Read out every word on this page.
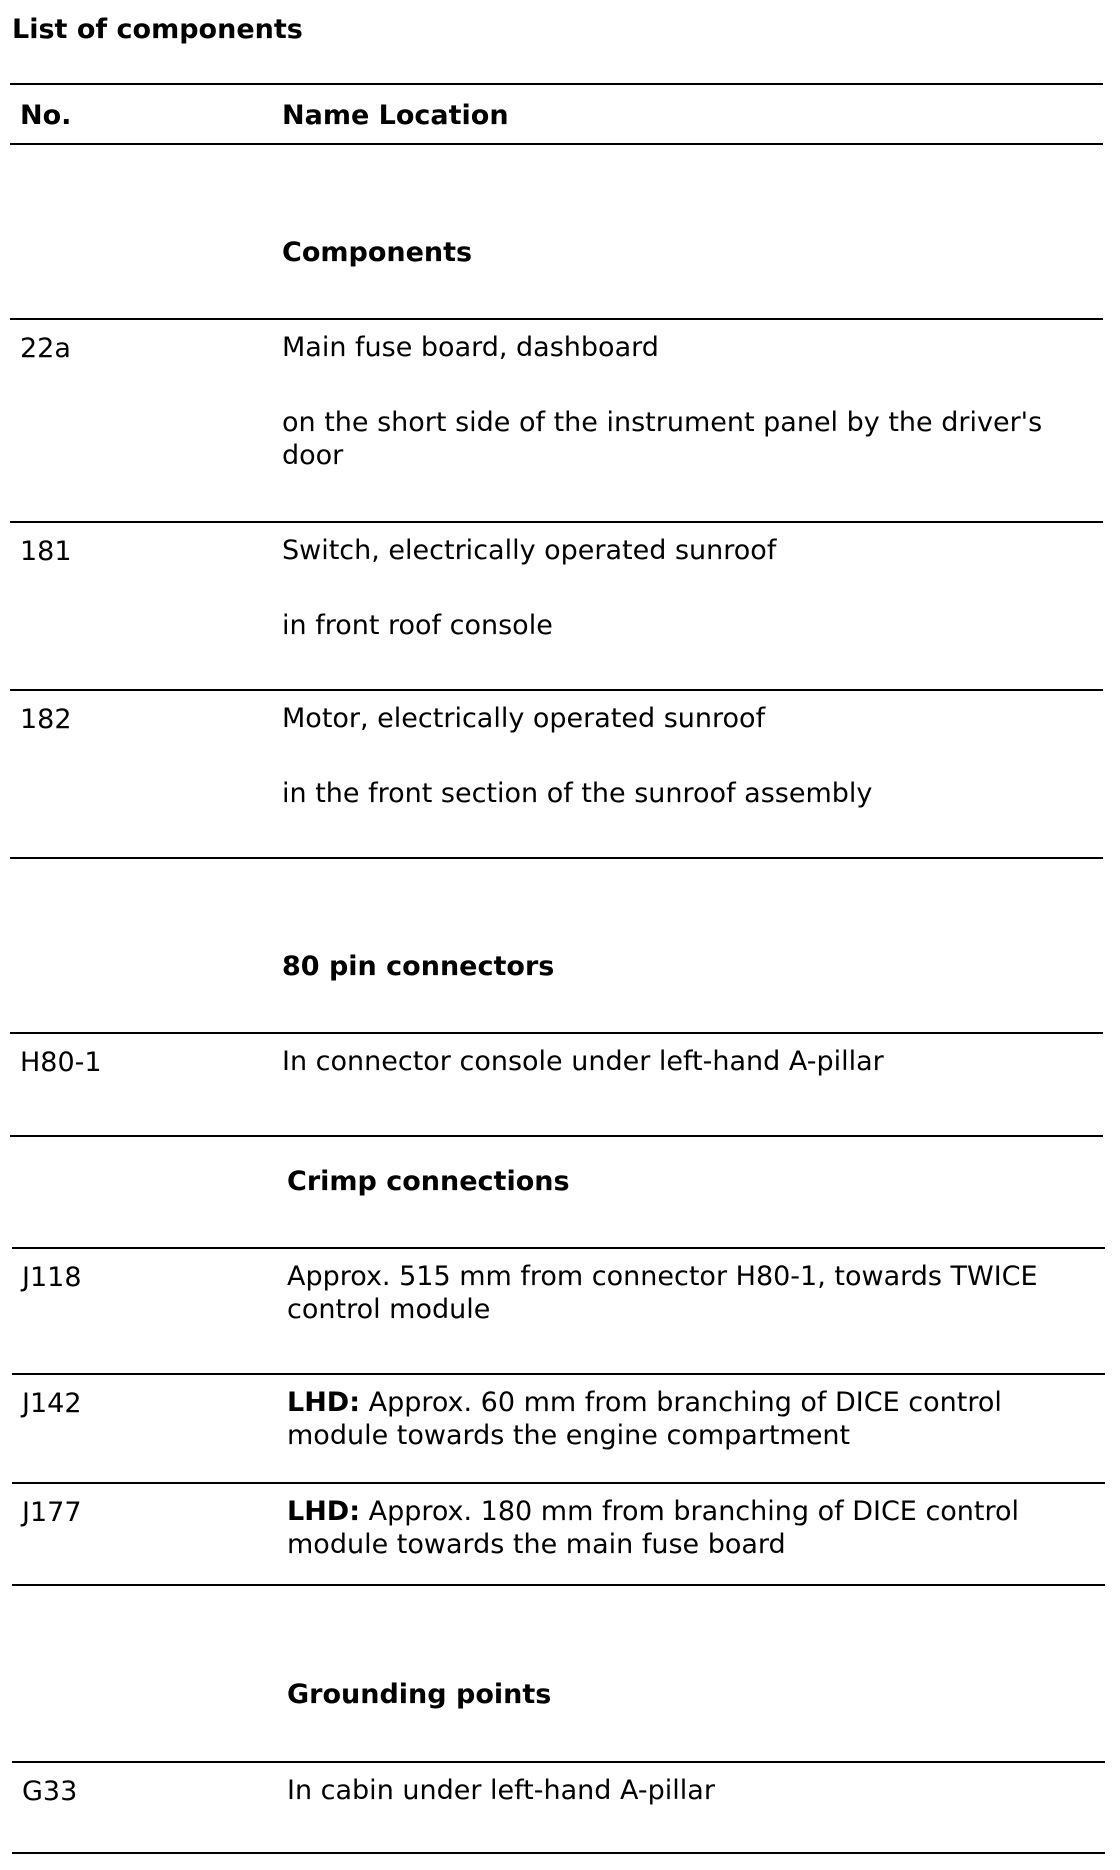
List of components
No.	Name Location
Components
22a	Main fuse board, dashboard
on the short side of the instrument panel by the driver's door
181	Switch, electrically operated sunroof
in front roof console
182	Motor, electrically operated sunroof
in the front section of the sunroof assembly
80 pin connectors
H80-1	In connector console under left-hand A-pillar
Crimp connections
J118	Approx. 515 mm from connector H80-1, towards TWICE control module
J142	LHD: Approx. 60 mm from branching of DICE control module towards the engine compartment
J177	LHD: Approx. 180 mm from branching of DICE control module towards the main fuse board
Grounding points
G33	In cabin under left-hand A-pillar
